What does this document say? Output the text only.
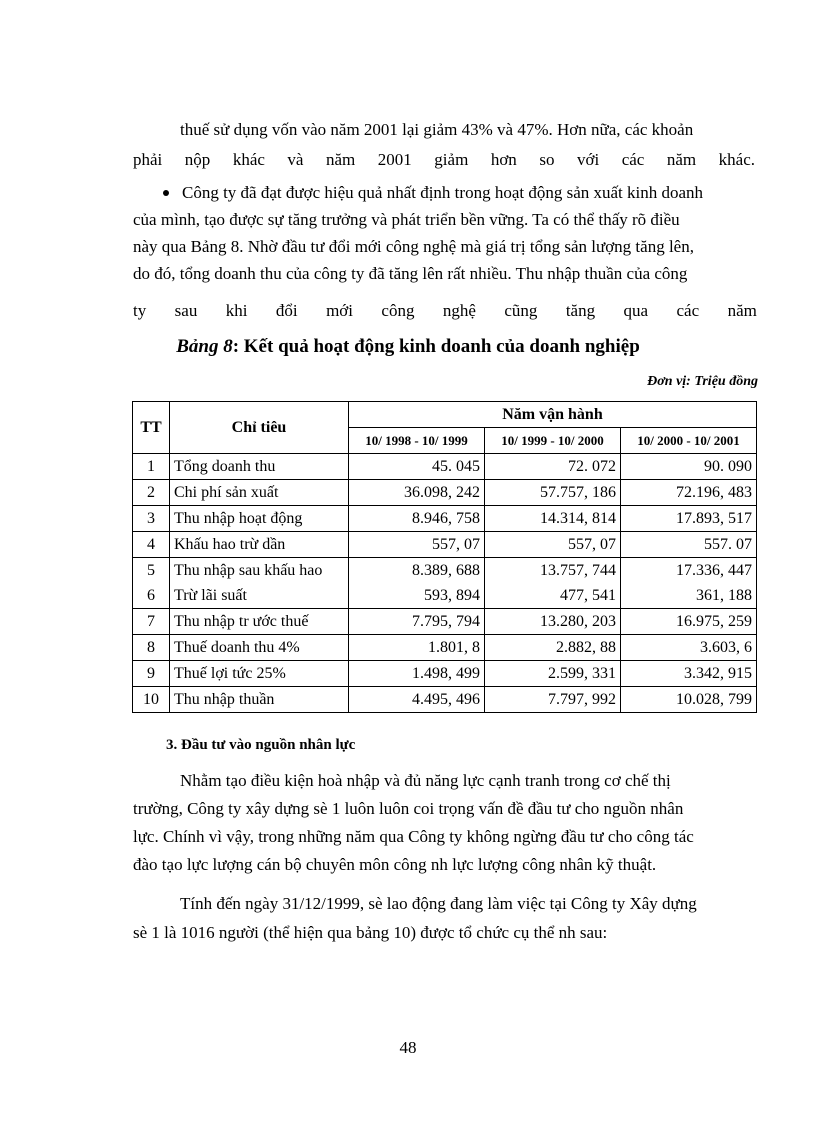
thuế sử dụng vốn vào năm 2001 lại giảm 43% và 47%. Hơn nữa, các khoản
phải nộp khác và năm 2001 giảm hơn so với các năm khác.
Công ty đã đạt được hiệu quả nhất định trong hoạt động sản xuất kinh doanh
của mình, tạo được sự tăng trưởng và phát triển bền vững. Ta có thể thấy rõ điều
này qua Bảng 8. Nhờ đầu tư đổi mới công nghệ mà giá trị tổng sản lượng tăng lên,
do đó, tổng doanh thu của công ty đã tăng lên rất nhiều. Thu nhập thuần của công
ty sau khi đổi mới công nghệ cũng tăng qua các năm
Bảng 8: Kết quả hoạt động kinh doanh của doanh nghiệp
Đơn vị: Triệu đồng
TT	Chỉ tiêu	Năm vận hành		
		10/ 1998 - 10/ 1999	10/ 1999 - 10/ 2000	10/ 2000 - 10/ 2001
1	Tổng doanh thu	45. 045	72. 072	90. 090
2	Chi phí sản xuất	36.098, 242	57.757, 186	72.196, 483
3	Thu nhập hoạt động	8.946, 758	14.314, 814	17.893, 517
4	Khấu hao trừ dần	557, 07	557, 07	557. 07
5	Thu nhập sau khấu hao	8.389, 688	13.757, 744	17.336, 447
6	Trừ lãi suất	593, 894	477, 541	361, 188
7	Thu nhập tr ước thuế	7.795, 794	13.280, 203	16.975, 259
8	Thuế doanh thu 4%	1.801, 8	2.882, 88	3.603, 6
9	Thuế lợi tức 25%	1.498, 499	2.599, 331	3.342, 915
10	Thu nhập thuần	4.495, 496	7.797, 992	10.028, 799
3. Đầu tư vào nguồn nhân lực
Nhằm tạo điều kiện hoà nhập và đủ năng lực cạnh tranh trong cơ chế thị
trường, Công ty xây dựng sè 1 luôn luôn coi trọng vấn đề đầu tư cho nguồn nhân
lực. Chính vì vậy, trong những năm qua Công ty không ngừng đầu tư cho công tác
đào tạo lực lượng cán bộ chuyên môn công nh lực lượng công nhân kỹ thuật.
Tính đến ngày 31/12/1999, sè lao động đang làm việc tại Công ty Xây dựng
sè 1 là 1016 người (thể hiện qua bảng 10) được tổ chức cụ thể nh sau:
48
